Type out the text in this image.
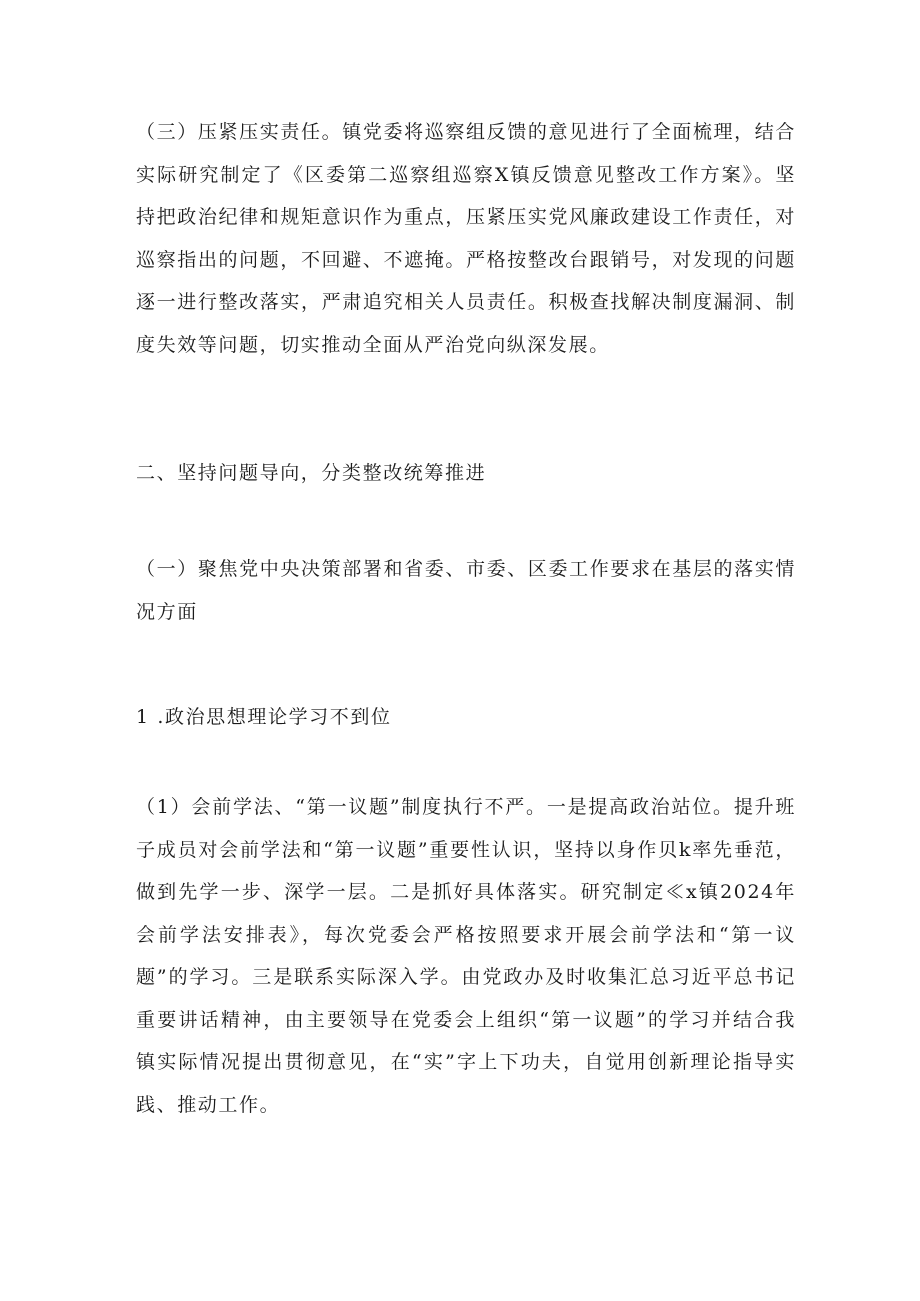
（三）压紧压实责任。镇党委将巡察组反馈的意见进行了全面梳理，结合实际研究制定了《区委第二巡察组巡察X镇反馈意见整改工作方案》。坚持把政治纪律和规矩意识作为重点，压紧压实党风廉政建设工作责任，对巡察指出的问题，不回避、不遮掩。严格按整改台跟销号，对发现的问题逐一进行整改落实，严肃追究相关人员责任。积极查找解决制度漏洞、制度失效等问题，切实推动全面从严治党向纵深发展。

二、坚持问题导向，分类整改统筹推进

（一）聚焦党中央决策部署和省委、市委、区委工作要求在基层的落实情况方面

1 .政治思想理论学习不到位

（1）会前学法、“第一议题”制度执行不严。一是提高政治站位。提升班子成员对会前学法和“第一议题”重要性认识，坚持以身作贝k率先垂范，做到先学一步、深学一层。二是抓好具体落实。研究制定≪x镇2024年会前学法安排表》，每次党委会严格按照要求开展会前学法和“第一议题”的学习。三是联系实际深入学。由党政办及时收集汇总习近平总书记重要讲话精神，由主要领导在党委会上组织“第一议题”的学习并结合我镇实际情况提出贯彻意见，在“实”字上下功夫，自觉用创新理论指导实践、推动工作。
